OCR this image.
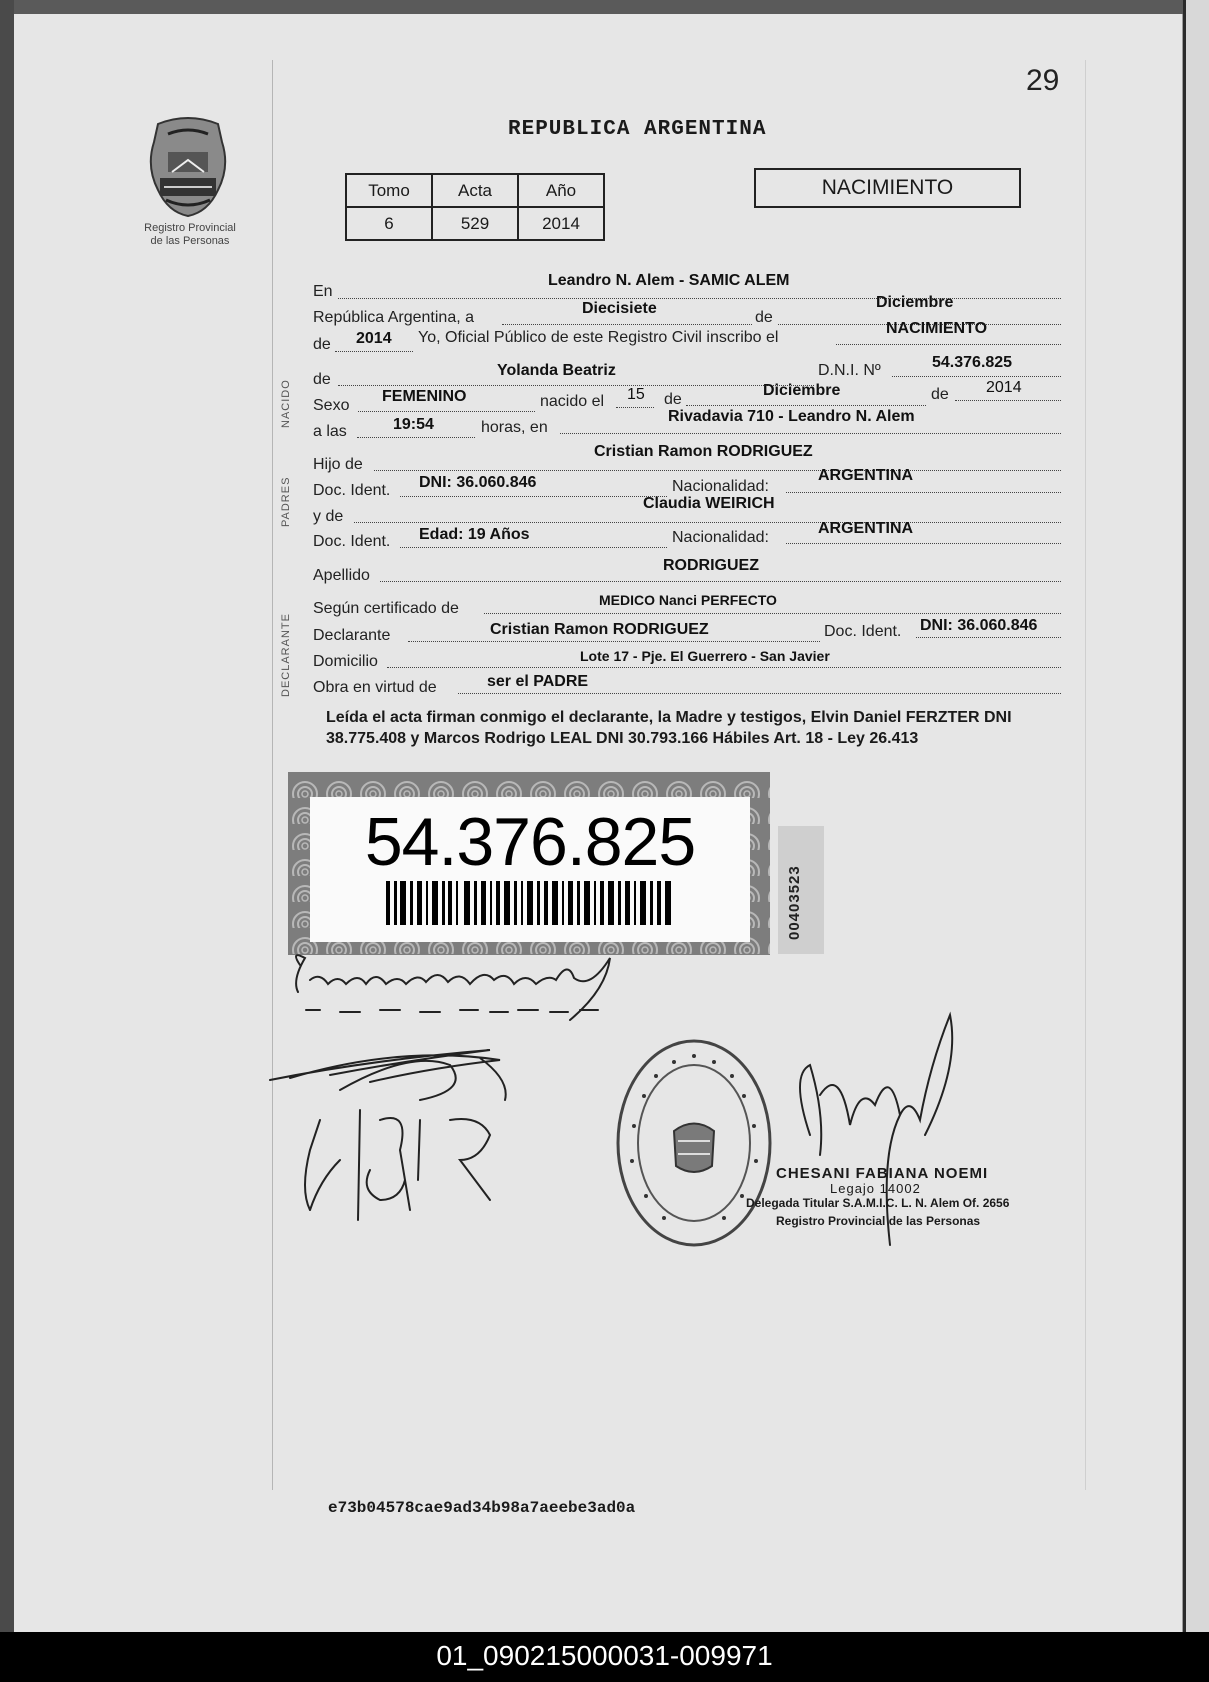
29
Registro Provincial
de las Personas
REPUBLICA ARGENTINA
Tomo	Acta	Año
6	529	2014
NACIMIENTO
NACIDO
PADRES
DECLARANTE
En
Leandro N. Alem - SAMIC ALEM
República Argentina, a
Diecisiete
de
Diciembre
de 2014 Yo, Oficial Público de este Registro Civil inscribo el
NACIMIENTO
de
Yolanda Beatriz	D.N.I. Nº	54.376.825
Sexo
FEMENINO	nacido el 15 de
Diciembre	de 2014
a las	19:54	horas, en
Rivadavia 710 - Leandro N. Alem
Hijo de
Cristian Ramon RODRIGUEZ
Doc. Ident. DNI: 36.060.846	Nacionalidad:
ARGENTINA
y de
Claudia WEIRICH
Doc. Ident. Edad: 19 Años	Nacionalidad:
ARGENTINA
Apellido
RODRIGUEZ
Según certificado de	MEDICO Nanci PERFECTO
Declarante	Cristian Ramon RODRIGUEZ	Doc. Ident. DNI: 36.060.846
Domicilio	Lote 17 - Pje. El Guerrero - San Javier
Obra en virtud de	ser el PADRE
Leída el acta firman conmigo el declarante, la Madre y testigos, Elvin Daniel FERZTER DNI 38.775.408 y Marcos Rodrigo LEAL DNI 30.793.166 Hábiles Art. 18 - Ley 26.413
54.376.825
00403523
CHESANI FABIANA NOEMI
Legajo 14002
Delegada Titular S.A.M.I.C. L. N. Alem Of. 2656
Registro Provincial de las Personas
e73b04578cae9ad34b98a7aeebe3ad0a
01_090215000031-009971
